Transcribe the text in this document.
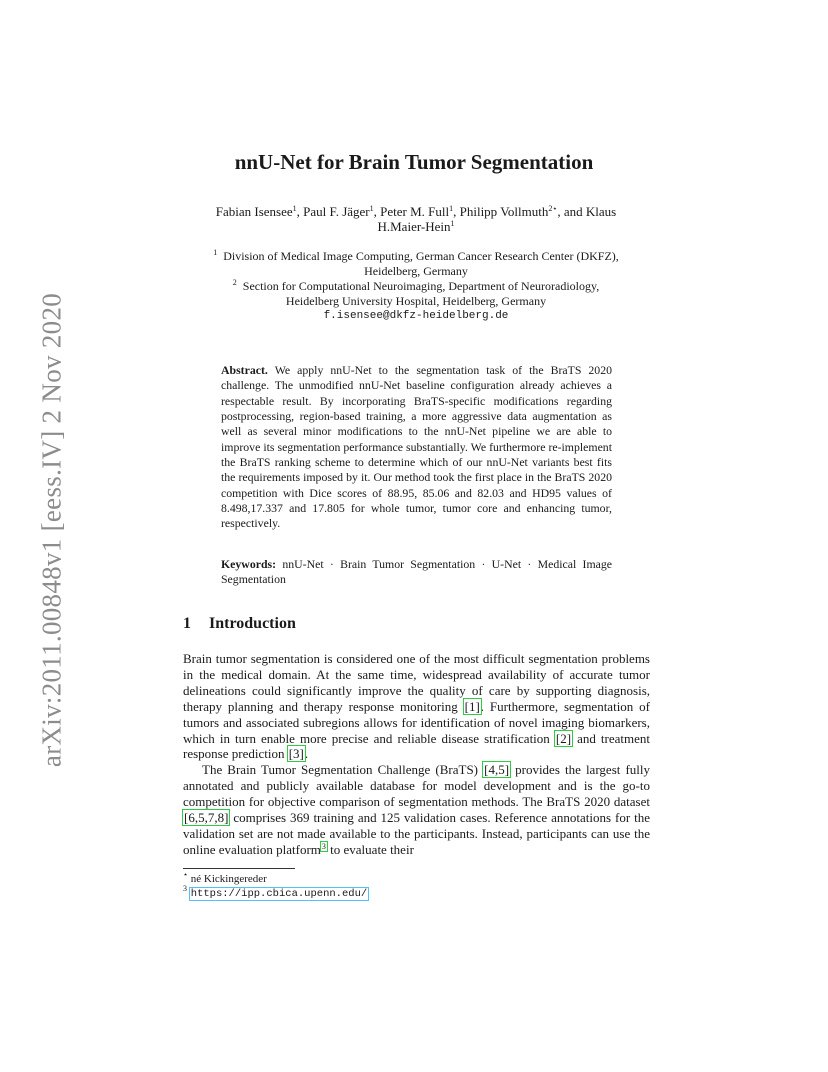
arXiv:2011.00848v1 [eess.IV] 2 Nov 2020
nnU-Net for Brain Tumor Segmentation
Fabian Isensee$^1$, Paul F. Jäger$^1$, Peter M. Full$^1$, Philipp Vollmuth$^{2⋆}$, and Klaus
H.Maier-Hein$^1$
$^1$ Division of Medical Image Computing, German Cancer Research Center (DKFZ),
Heidelberg, Germany
$^2$ Section for Computational Neuroimaging, Department of Neuroradiology,
Heidelberg University Hospital, Heidelberg, Germany
f.isensee@dkfz-heidelberg.de
Abstract. We apply nnU-Net to the segmentation task of the BraTS 2020 challenge. The unmodified nnU-Net baseline configuration already achieves a respectable result. By incorporating BraTS-specific modifications regarding postprocessing, region-based training, a more aggressive data augmentation as well as several minor modifications to the nnU-Net pipeline we are able to improve its segmentation performance substantially. We furthermore re-implement the BraTS ranking scheme to determine which of our nnU-Net variants best fits the requirements imposed by it. Our method took the first place in the BraTS 2020 competition with Dice scores of 88.95, 85.06 and 82.03 and HD95 values of 8.498,17.337 and 17.805 for whole tumor, tumor core and enhancing tumor, respectively.
Keywords: nnU-Net · Brain Tumor Segmentation · U-Net · Medical Image Segmentation
1 Introduction

Brain tumor segmentation is considered one of the most difficult segmentation problems in the medical domain. At the same time, widespread availability of accurate tumor delineations could significantly improve the quality of care by supporting diagnosis, therapy planning and therapy response monitoring [1]. Furthermore, segmentation of tumors and associated subregions allows for identification of novel imaging biomarkers, which in turn enable more precise and reliable disease stratification [2] and treatment response prediction [3].

The Brain Tumor Segmentation Challenge (BraTS) [4,5] provides the largest fully annotated and publicly available database for model development and is the go-to competition for objective comparison of segmentation methods. The BraTS 2020 dataset [6,5,7,8] comprises 369 training and 125 validation cases. Reference annotations for the validation set are not made available to the participants. Instead, participants can use the online evaluation platform$^3$ to evaluate their

⋆ né Kickingereder
$^3$ https://ipp.cbica.upenn.edu/
